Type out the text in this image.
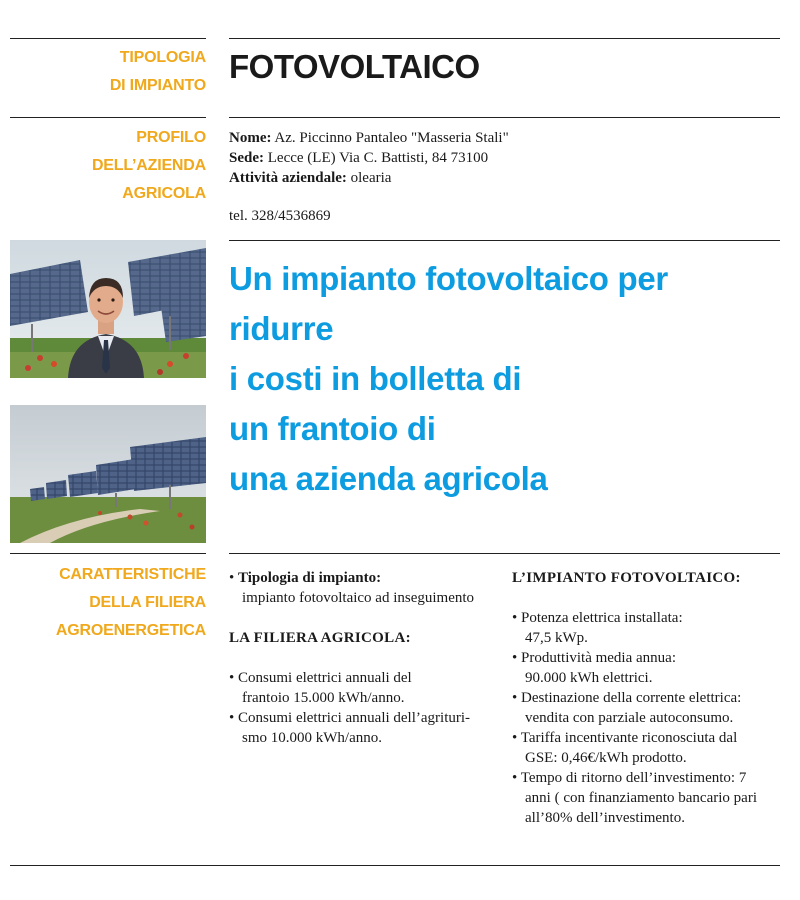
TIPOLOGIA
DI IMPIANTO
PROFILO
DELL’AZIENDA
AGRICOLA
CARATTERISTICHE
DELLA FILIERA
AGROENERGETICA
FOTOVOLTAICO
Nome: Az. Piccinno Pantaleo "Masseria Stali"
Sede: Lecce (LE) Via C. Battisti, 84 73100
Attività aziendale: olearia
tel. 328/4536869
Un impianto fotovoltaico per
ridurre
i costi in bolletta di
un frantoio di
una azienda agricola
• Tipologia di impianto:
impianto fotovoltaico ad inseguimento
LA FILIERA AGRICOLA:
• Consumi elettrici annuali del
frantoio 15.000 kWh/anno.
• Consumi elettrici annuali dell’agrituri-
smo 10.000 kWh/anno.
L’IMPIANTO FOTOVOLTAICO:
• Potenza elettrica installata:
47,5 kWp.
• Produttività media annua:
90.000 kWh elettrici.
• Destinazione della corrente elettrica:
vendita con parziale autoconsumo.
• Tariffa incentivante riconosciuta dal
GSE: 0,46€/kWh prodotto.
• Tempo di ritorno dell’investimento: 7
anni ( con finanziamento bancario pari
all’80% dell’investimento.
